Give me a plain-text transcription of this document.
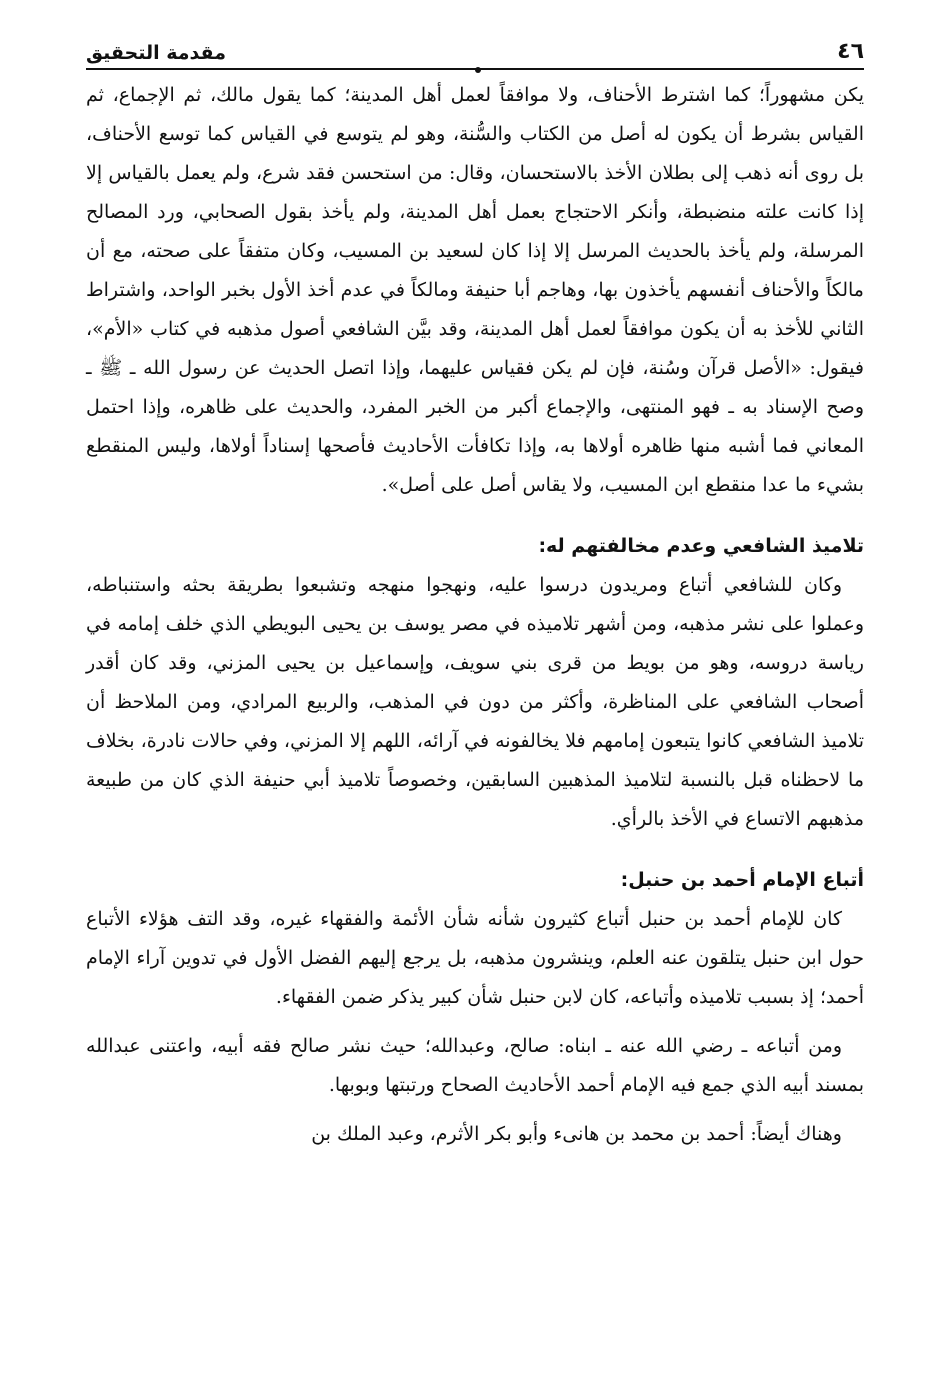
٤٦
مقدمة التحقيق

يكن مشهوراً؛ كما اشترط الأحناف، ولا موافقاً لعمل أهل المدينة؛ كما يقول مالك، ثم الإجماع، ثم القياس بشرط أن يكون له أصل من الكتاب والسُّنة، وهو لم يتوسع في القياس كما توسع الأحناف، بل روى أنه ذهب إلى بطلان الأخذ بالاستحسان، وقال: من استحسن فقد شرع، ولم يعمل بالقياس إلا إذا كانت علته منضبطة، وأنكر الاحتجاج بعمل أهل المدينة، ولم يأخذ بقول الصحابي، ورد المصالح المرسلة، ولم يأخذ بالحديث المرسل إلا إذا كان لسعيد بن المسيب، وكان متفقاً على صحته، مع أن مالكاً والأحناف أنفسهم يأخذون بها، وهاجم أبا حنيفة ومالكاً في عدم أخذ الأول بخبر الواحد، واشتراط الثاني للأخذ به أن يكون موافقاً لعمل أهل المدينة، وقد بيَّن الشافعي أصول مذهبه في كتاب «الأم»، فيقول: «الأصل قرآن وسُنة، فإن لم يكن فقياس عليهما، وإذا اتصل الحديث عن رسول الله ـ ﷺ ـ وصح الإسناد به ـ فهو المنتهى، والإجماع أكبر من الخبر المفرد، والحديث على ظاهره، وإذا احتمل المعاني فما أشبه منها ظاهره أولاها به، وإذا تكافأت الأحاديث فأصحها إسناداً أولاها، وليس المنقطع بشيء ما عدا منقطع ابن المسيب، ولا يقاس أصل على أصل».

تلاميذ الشافعي وعدم مخالفتهم له:

وكان للشافعي أتباع ومريدون درسوا عليه، ونهجوا منهجه وتشبعوا بطريقة بحثه واستنباطه، وعملوا على نشر مذهبه، ومن أشهر تلاميذه في مصر يوسف بن يحيى البويطي الذي خلف إمامه في رياسة دروسه، وهو من بويط من قرى بني سويف، وإسماعيل بن يحيى المزني، وقد كان أقدر أصحاب الشافعي على المناظرة، وأكثر من دون في المذهب، والربيع المرادي، ومن الملاحظ أن تلاميذ الشافعي كانوا يتبعون إمامهم فلا يخالفونه في آرائه، اللهم إلا المزني، وفي حالات نادرة، بخلاف ما لاحظناه قبل بالنسبة لتلاميذ المذهبين السابقين، وخصوصاً تلاميذ أبي حنيفة الذي كان من طبيعة مذهبهم الاتساع في الأخذ بالرأي.

أتباع الإمام أحمد بن حنبل:

كان للإمام أحمد بن حنبل أتباع كثيرون شأنه شأن الأئمة والفقهاء غيره، وقد التف هؤلاء الأتباع حول ابن حنبل يتلقون عنه العلم، وينشرون مذهبه، بل يرجع إليهم الفضل الأول في تدوين آراء الإمام أحمد؛ إذ بسبب تلاميذه وأتباعه، كان لابن حنبل شأن كبير يذكر ضمن الفقهاء.

ومن أتباعه ـ رضي الله عنه ـ ابناه: صالح، وعبدالله؛ حيث نشر صالح فقه أبيه، واعتنى عبدالله بمسند أبيه الذي جمع فيه الإمام أحمد الأحاديث الصحاح ورتبتها وبوبها.

وهناك أيضاً: أحمد بن محمد بن هانىء وأبو بكر الأثرم، وعبد الملك بن
